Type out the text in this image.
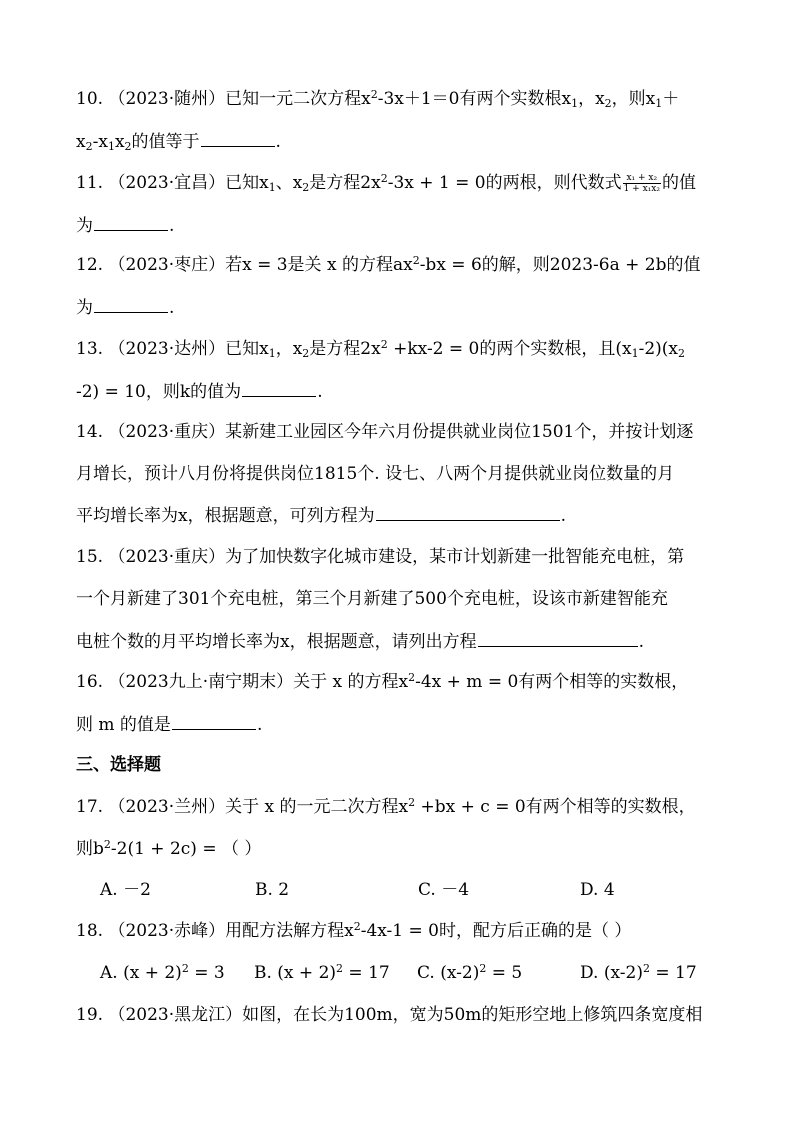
10. （2023·随州）已知一元二次方程$x^2-3x+1=0$有两个实数根$x_1$，$x_2$，则$x_1+$
$x_2-x_1x_2$的值等于	.
11. （2023·宜昌）已知$x_1$、$x_2$是方程$2x^2-3x + 1 = 0$的两根，则代数式 $\frac{\text{x₁ + x₂}}{\text{1 + x₁x₂}}$ 的值
为	.
12. （2023·枣庄）若x = 3是关 x 的方程$ax^2-bx = 6$的解，则2023-6a + 2b的值
为	.
13. （2023·达州）已知$x_1$，$x_2$是方程$2x^2 +kx-2 = 0$的两个实数根，且$(x_1-2)(x_2$
-2) = 10，则k的值为	.
14. （2023·重庆）某新建工业园区今年六月份提供就业岗位1501个，并按计划逐
月增长，预计八月份将提供岗位1815个. 设七、八两个月提供就业岗位数量的月
平均增长率为x，根据题意，可列方程为	.
15. （2023·重庆）为了加快数字化城市建设，某市计划新建一批智能充电桩，第
一个月新建了301个充电桩，第三个月新建了500个充电桩，设该市新建智能充
电桩个数的月平均增长率为x，根据题意，请列出方程	.
16. （2023九上·南宁期末）关于 x 的方程$x^2-4x + m = 0$有两个相等的实数根，
则 m 的值是	.
三、选择题
17. （2023·兰州）关于 x 的一元二次方程$x^2 +bx + c = 0$有两个相等的实数根，
则$b^2-2(1 + 2c)$ = （ ）
A. －2	B. 2	C. －4	D. 4
18. （2023·赤峰）用配方法解方程$x^2-4x-1 = 0$时，配方后正确的是（ ）
A. $(x + 2)^2 = 3$ B. $(x + 2)^2 = 17$ C. $(x-2)^2 = 5$	D. $(x-2)^2 = 17$
19. （2023·黑龙江）如图，在长为100m，宽为50m的矩形空地上修筑四条宽度相
